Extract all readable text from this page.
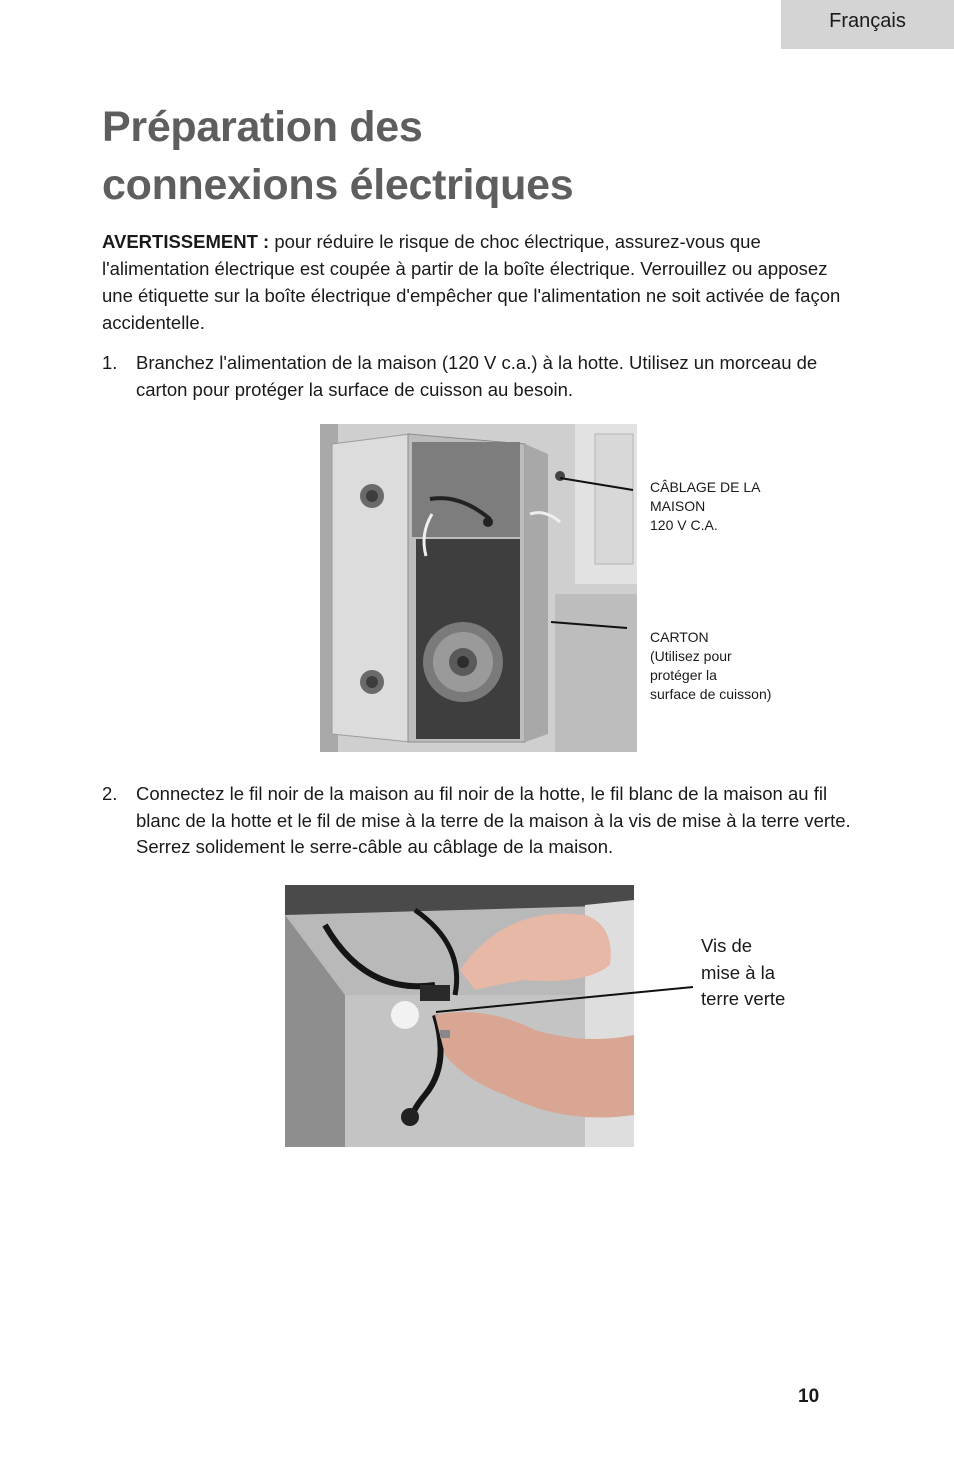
Français
Préparation des
connexions électriques

AVERTISSEMENT : pour réduire le risque de choc électrique, assurez-vous que l'alimentation électrique est coupée à partir de la boîte électrique. Verrouillez ou apposez une étiquette sur la boîte électrique d'empêcher que l'alimentation ne soit activée de façon accidentelle.

1. Branchez l'alimentation de la maison (120 V c.a.) à la hotte. Utilisez un morceau de carton pour protéger la surface de cuisson au besoin.

CÂBLAGE DE LA
MAISON
120 V C.A.
CARTON
(Utilisez pour
protéger la
surface de cuisson)

2. Connectez le fil noir de la maison au fil noir de la hotte, le fil blanc de la maison au fil blanc de la hotte et le fil de mise à la terre de la maison à la vis de mise à la terre verte. Serrez solidement le serre-câble au câblage de la maison.

Vis de
mise à la
terre verte
10
